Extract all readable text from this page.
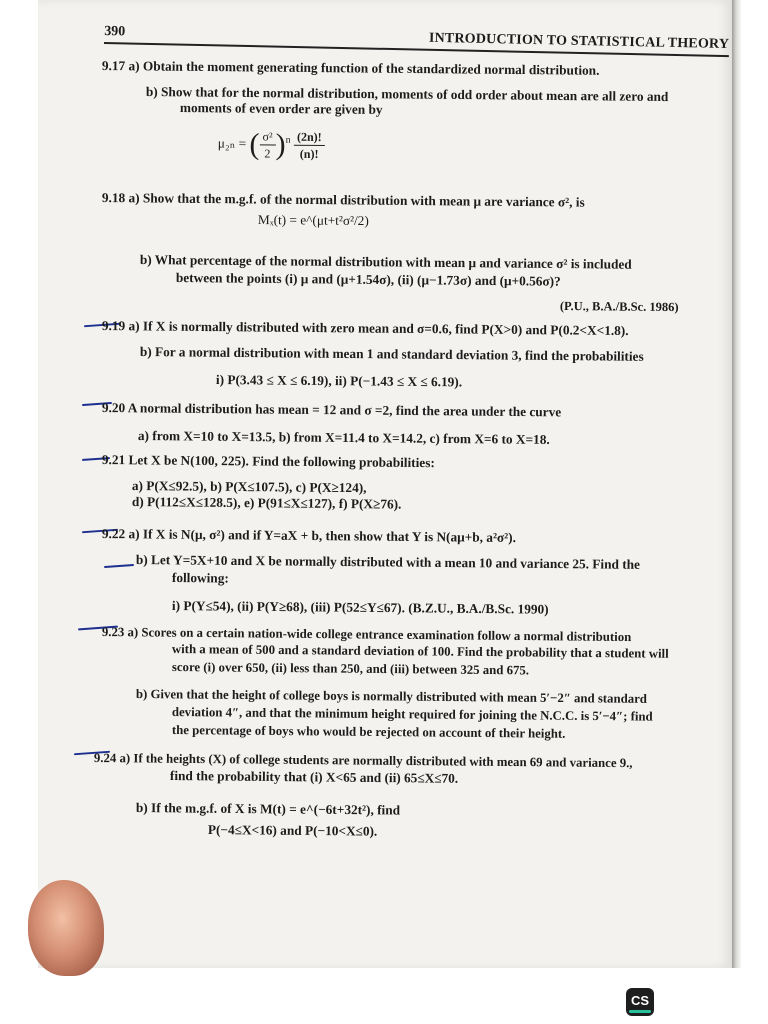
390	INTRODUCTION TO STATISTICAL THEORY
9.17 a) Obtain the moment generating function of the standardized normal distribution.
b) Show that for the normal distribution, moments of odd order about mean are all zero and
moments of even order are given by
μ₂ₙ = ( $\frac{\text{σ²}}{2} )^n \frac{(2n)!}{(n)!}$
9.18 a) Show that the m.g.f. of the normal distribution with mean μ are variance σ², is
Mₓ(t) = e^(μt+t²σ²/2)
b) What percentage of the normal distribution with mean μ and variance σ² is included
between the points (i) μ and (μ+1.54σ), (ii) (μ−1.73σ) and (μ+0.56σ)?
(P.U., B.A./B.Sc. 1986)
9.19 a) If X is normally distributed with zero mean and σ=0.6, find P(X>0) and P(0.2<X<1.8).
b) For a normal distribution with mean 1 and standard deviation 3, find the probabilities
i) P(3.43 ≤ X ≤ 6.19), ii) P(−1.43 ≤ X ≤ 6.19).
9.20 A normal distribution has mean = 12 and σ =2, find the area under the curve
a) from X=10 to X=13.5, b) from X=11.4 to X=14.2, c) from X=6 to X=18.
9.21 Let X be N(100, 225). Find the following probabilities:
a) P(X≤92.5), b) P(X≤107.5), c) P(X≥124),
d) P(112≤X≤128.5), e) P(91≤X≤127), f) P(X≥76).
9.22 a) If X is N(μ, σ²) and if Y=aX + b, then show that Y is N(aμ+b, a²σ²).
b) Let Y=5X+10 and X be normally distributed with a mean 10 and variance 25. Find the
following:
i) P(Y≤54), (ii) P(Y≥68), (iii) P(52≤Y≤67). (B.Z.U., B.A./B.Sc. 1990)
9.23 a) Scores on a certain nation-wide college entrance examination follow a normal distribution
with a mean of 500 and a standard deviation of 100. Find the probability that a student will
score (i) over 650, (ii) less than 250, and (iii) between 325 and 675.
b) Given that the height of college boys is normally distributed with mean 5′−2″ and standard
deviation 4″, and that the minimum height required for joining the N.C.C. is 5′−4″; find
the percentage of boys who would be rejected on account of their height.
9.24 a) If the heights (X) of college students are normally distributed with mean 69 and variance 9.,
find the probability that (i) X<65 and (ii) 65≤X≤70.
b) If the m.g.f. of X is M(t) = e^(−6t+32t²), find
P(−4≤X<16) and P(−10<X≤0).
CS
